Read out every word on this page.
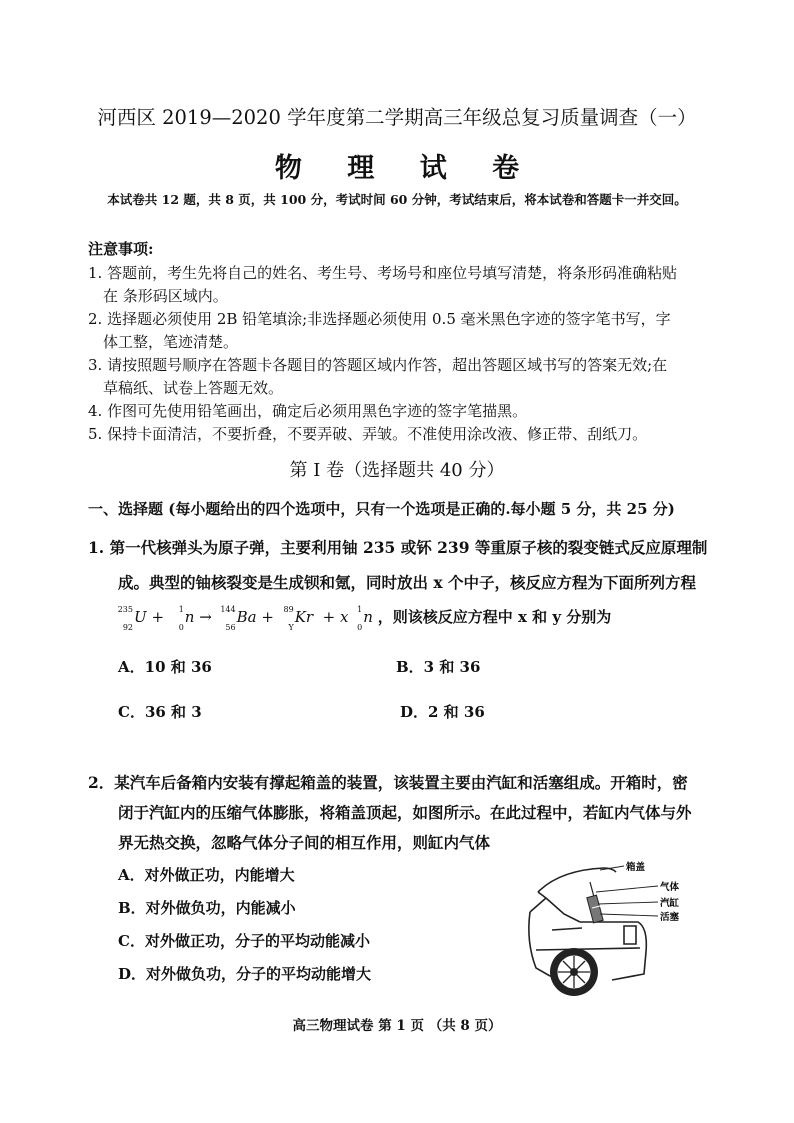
河西区 2019—2020 学年度第二学期高三年级总复习质量调查（一）
物 理 试 卷
本试卷共 12 题，共 8 页，共 100 分，考试时间 60 分钟，考试结束后，将本试卷和答题卡一并交回。
注意事项:
1. 答题前，考生先将自己的姓名、考生号、考场号和座位号填写清楚，将条形码准确粘贴
在 条形码区域内。
2. 选择题必须使用 2B 铅笔填涂;非选择题必须使用 0.5 毫米黑色字迹的签字笔书写，字
体工整，笔迹清楚。
3. 请按照题号顺序在答题卡各题目的答题区域内作答，超出答题区域书写的答案无效;在
草稿纸、试卷上答题无效。
4. 作图可先使用铅笔画出，确定后必须用黑色字迹的签字笔描黑。
5. 保持卡面清洁，不要折叠，不要弄破、弄皱。不准使用涂改液、修正带、刮纸刀。
第 I 卷（选择题共 40 分）
一、选择题 (每小题给出的四个选项中，只有一个选项是正确的.每小题 5 分，共 25 分)
1. 第一代核弹头为原子弹，主要利用铀 235 或钚 239 等重原子核的裂变链式反应原理制
成。典型的铀核裂变是生成钡和氪，同时放出 x 个中子，核反应方程为下面所列方程
235
92
U + 1
0
n → 144
56
Ba + 89
Y
Kr + x 1
0
n ，则该核反应方程中 x 和 y 分别为
A．10 和 36	B．3 和 36
C．36 和 3	D．2 和 36
2．某汽车后备箱内安装有撑起箱盖的装置，该装置主要由汽缸和活塞组成。开箱时，密
闭于汽缸内的压缩气体膨胀，将箱盖顶起，如图所示。在此过程中，若缸内气体与外
界无热交换，忽略气体分子间的相互作用，则缸内气体
A．对外做正功，内能增大
B．对外做负功，内能减小
C．对外做正功，分子的平均动能减小
D．对外做负功，分子的平均动能增大
箱盖
气体
汽缸
活塞
高三物理试卷 第 1 页 （共 8 页）
